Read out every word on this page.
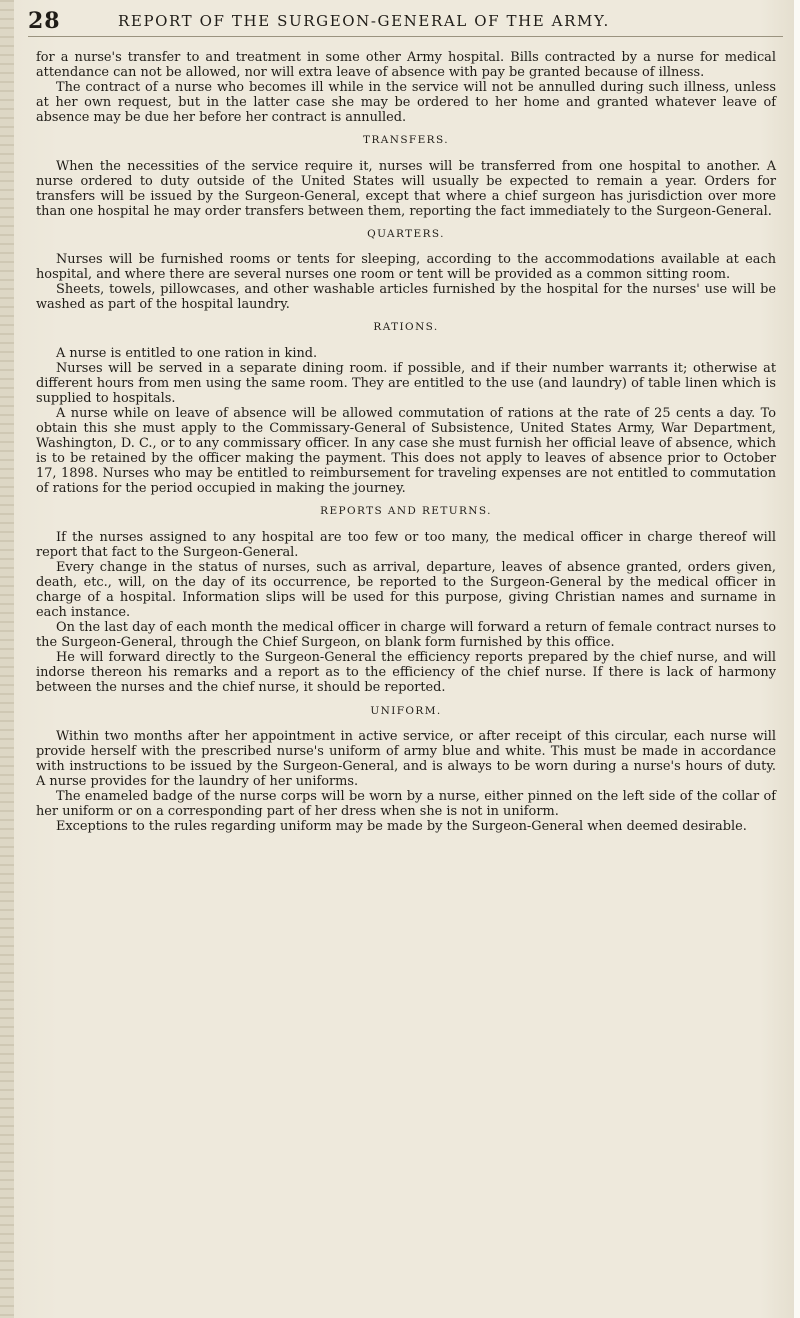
28	REPORT OF THE SURGEON-GENERAL OF THE ARMY.

for a nurse's transfer to and treatment in some other Army hospital. Bills contracted by a nurse for medical attendance can not be allowed, nor will extra leave of absence with pay be granted because of illness.

The contract of a nurse who becomes ill while in the service will not be annulled during such illness, unless at her own request, but in the latter case she may be ordered to her home and granted whatever leave of absence may be due her before her contract is annulled.

TRANSFERS.

When the necessities of the service require it, nurses will be transferred from one hospital to another. A nurse ordered to duty outside of the United States will usually be expected to remain a year. Orders for transfers will be issued by the Surgeon-General, except that where a chief surgeon has jurisdiction over more than one hospital he may order transfers between them, reporting the fact immediately to the Surgeon-General.

QUARTERS.

Nurses will be furnished rooms or tents for sleeping, according to the accommodations available at each hospital, and where there are several nurses one room or tent will be provided as a common sitting room.

Sheets, towels, pillowcases, and other washable articles furnished by the hospital for the nurses' use will be washed as part of the hospital laundry.

RATIONS.

A nurse is entitled to one ration in kind.

Nurses will be served in a separate dining room. if possible, and if their number warrants it; otherwise at different hours from men using the same room. They are entitled to the use (and laundry) of table linen which is supplied to hospitals.

A nurse while on leave of absence will be allowed commutation of rations at the rate of 25 cents a day. To obtain this she must apply to the Commissary-General of Subsistence, United States Army, War Department, Washington, D. C., or to any commissary officer. In any case she must furnish her official leave of absence, which is to be retained by the officer making the payment. This does not apply to leaves of absence prior to October 17, 1898. Nurses who may be entitled to reimbursement for traveling expenses are not entitled to commutation of rations for the period occupied in making the journey.

REPORTS AND RETURNS.

If the nurses assigned to any hospital are too few or too many, the medical officer in charge thereof will report that fact to the Surgeon-General.

Every change in the status of nurses, such as arrival, departure, leaves of absence granted, orders given, death, etc., will, on the day of its occurrence, be reported to the Surgeon-General by the medical officer in charge of a hospital. Information slips will be used for this purpose, giving Christian names and surname in each instance.

On the last day of each month the medical officer in charge will forward a return of female contract nurses to the Surgeon-General, through the Chief Surgeon, on blank form furnished by this office.

He will forward directly to the Surgeon-General the efficiency reports prepared by the chief nurse, and will indorse thereon his remarks and a report as to the efficiency of the chief nurse. If there is lack of harmony between the nurses and the chief nurse, it should be reported.

UNIFORM.

Within two months after her appointment in active service, or after receipt of this circular, each nurse will provide herself with the prescribed nurse's uniform of army blue and white. This must be made in accordance with instructions to be issued by the Surgeon-General, and is always to be worn during a nurse's hours of duty. A nurse provides for the laundry of her uniforms.

The enameled badge of the nurse corps will be worn by a nurse, either pinned on the left side of the collar of her uniform or on a corresponding part of her dress when she is not in uniform.

Exceptions to the rules regarding uniform may be made by the Surgeon-General when deemed desirable.
